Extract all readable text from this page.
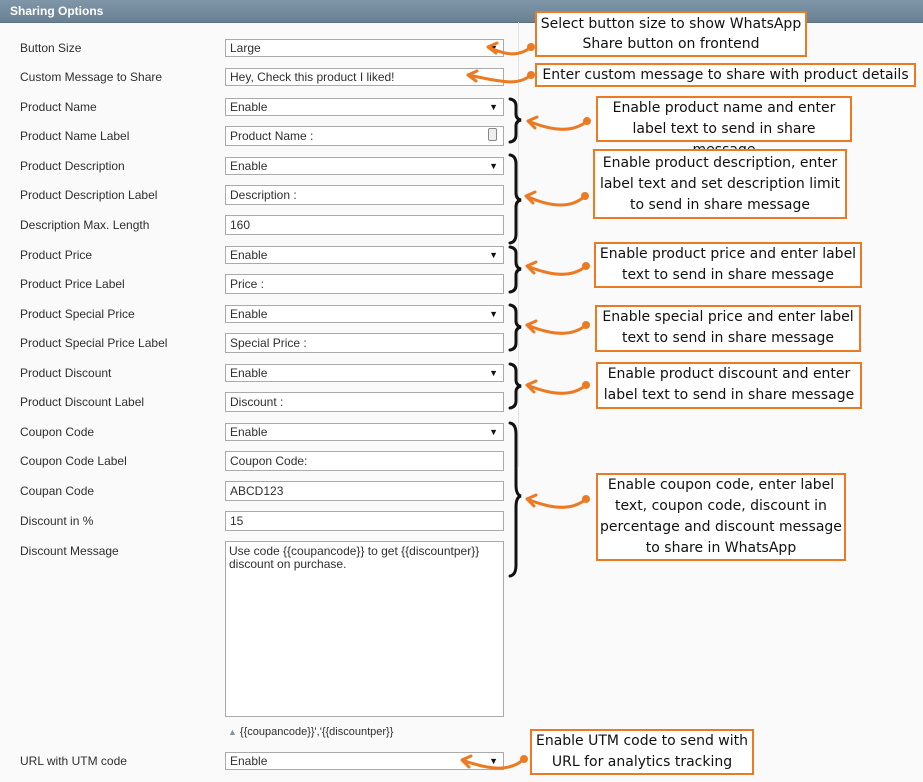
Sharing Options
Button Size	Large	▼
Custom Message to Share	Hey, Check this product I liked!
Product Name	Enable	▼
Product Name Label	Product Name :
Product Description	Enable	▼
Product Description Label	Description :
Description Max. Length	160
Product Price	Enable	▼
Product Price Label	Price :
Product Special Price	Enable	▼
Product Special Price Label	Special Price :
Product Discount	Enable	▼
Product Discount Label	Discount :
Coupon Code	Enable	▼
Coupon Code Label	Coupon Code:
Coupan Code	ABCD123
Discount in %	15
Discount Message	Use code {{coupancode}} to get {{discountper}} discount on purchase.
▲ {{coupancode}}','{{discountper}}
URL with UTM code	Enable	▼
Select button size to show WhatsApp Share button on frontend
Enter custom message to share with product details
Enable product name and enter label text to send in share
Enable product description, enter label text and set description limit to send in share message
Enable product price and enter label text to send in share message
Enable special price and enter label text to send in share message
Enable product discount and enter label text to send in share message
Enable coupon code, enter label text, coupon code, discount in percentage and discount message to share in WhatsApp
Enable UTM code to send with URL for analytics tracking
